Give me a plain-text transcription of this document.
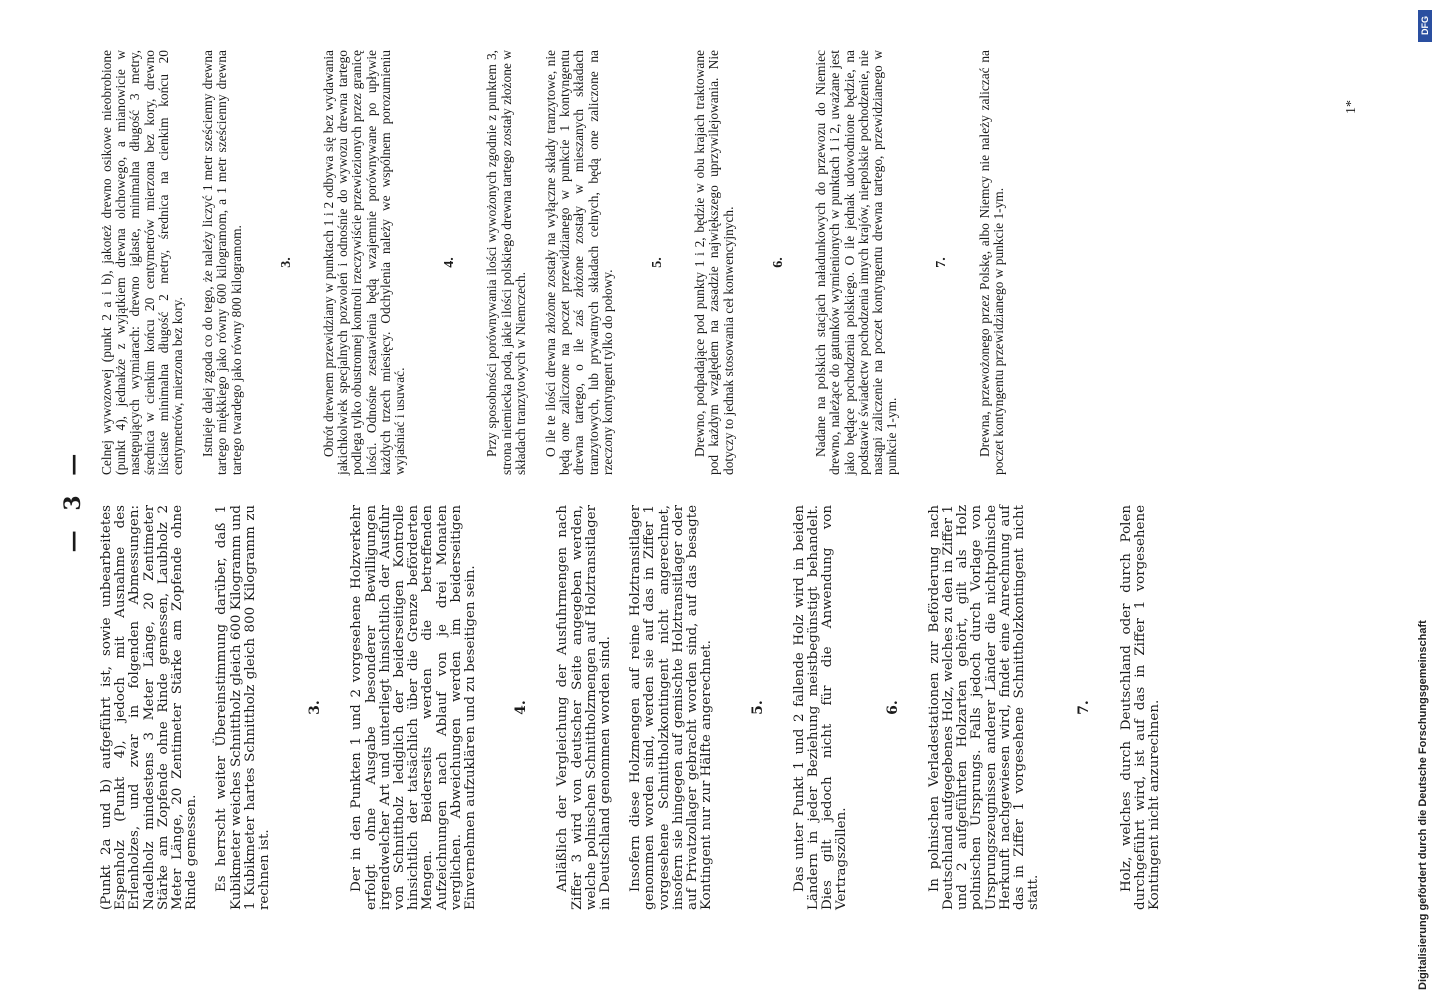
— 3 —

(Punkt 2a und b) aufgeführt ist, sowie unbearbeitetes Espenholz (Punkt 4), jedoch mit Ausnahme des Erlenholzes, und zwar in folgenden Abmessungen: Nadelholz mindestens 3 Meter Länge, 20 Zentimeter Stärke am Zopfende ohne Rinde gemessen, Laubholz 2 Meter Länge, 20 Zentimeter Stärke am Zopfende ohne Rinde gemessen. Es herrscht weiter Übereinstimmung darüber, daß 1 Kubikmeter weiches Schnittholz gleich 600 Kilogramm und 1 Kubikmeter hartes Schnittholz gleich 800 Kilogramm zu rechnen ist.

3. Der in den Punkten 1 und 2 vorgesehene Holzverkehr erfolgt ohne Ausgabe besonderer Bewilligungen irgendwelcher Art und unterliegt hinsichtlich der Ausfuhr von Schnittholz lediglich der beiderseitigen Kontrolle hinsichtlich der tatsächlich über die Grenze beförderten Mengen. Beiderseits werden die betreffenden Aufzeichnungen nach Ablauf von je drei Monaten verglichen. Abweichungen werden im beiderseitigen Einvernehmen aufzuklären und zu beseitigen sein.	4. Anläßlich der Vergleichung der Ausfuhrmengen nach Ziffer 3 wird von deutscher Seite angegeben werden, welche polnischen Schnittholzmengen auf Holztransitlager in Deutschland genommen worden sind. Insofern diese Holzmengen auf reine Holztransitlager genommen worden sind, werden sie auf das in Ziffer 1 vorgesehene Schnittholzkontingent nicht angerechnet, insofern sie hingegen auf gemischte Holztransitlager oder auf Privatzollager gebracht worden sind, auf das besagte Kontingent nur zur Hälfte angerechnet.	5. Das unter Punkt 1 und 2 fallende Holz wird in beiden Ländern in jeder Beziehung meistbegünstigt behandelt. Dies gilt jedoch nicht für die Anwendung von Vertragszöllen.

6. In polnischen Verladestationen zur Beförderung nach Deutschland aufgegebenes Holz, welches zu den in Ziffer 1 und 2 aufgeführten Holzarten gehört, gilt als Holz polnischen Ursprungs. Falls jedoch durch Vorlage von Ursprungszeugnissen anderer Länder die nichtpolnische Herkunft nachgewiesen wird, findet eine Anrechnung auf das in Ziffer 1 vorgesehene Schnittholzkontingent nicht statt.

7. Holz, welches durch Deutschland oder durch Polen durchgeführt wird, ist auf das in Ziffer 1 vorgesehene Kontingent nicht anzurechnen.

Celnej wywozowej (punkt 2 a i b), jakoteż drewno osikowe nieobrobione (punkt 4), jednakże z wyjątkiem drewna olchowego, a mianowicie w następujących wymiarach: drewno iglaste, minimalna długość 3 metry, średnica w cienkim końcu 20 centymetrów mierzona bez kory, drewno liściaste minimalna długość 2 metry, średnica na cienkim końcu 20 centymetrów, mierzona bez kory. Istnieje dalej zgoda co do tego, że należy liczyć 1 metr sześcienny drewna tartego miękkiego jako równy 600 kilogramom, a 1 metr sześcienny drewna tartego twardego jako równy 800 kilogramom.	3. Obrót drewnem przewidziany w punktach 1 i 2 odbywa się bez wydawania jakichkolwiek specjalnych pozwoleń i odnośnie do wywozu drewna tartego podlega tylko obustronnej kontroli rzeczywiście przewiezionych przez granicę ilości. Odnośne zestawienia będą wzajemnie porównywane po upływie każdych trzech miesięcy. Odchylenia należy we wspólnem porozumieniu wyjaśniać i usuwać.

4. Przy sposobności porównywania ilości wywożonych zgodnie z punktem 3, strona niemiecka poda, jakie ilości polskiego drewna tartego zostały złożone w składach tranzytowych w Niemczech. O ile te ilości drewna złożone zostały na wyłączne składy tranzytowe, nie będą one zaliczone na poczet przewidzianego w punkcie 1 kontyngentu drewna tartego, o ile zaś złożone zostały w mieszanych składach tranzytowych, lub prywatnych składach celnych, będą one zaliczone na rzeczony kontyngent tylko do połowy.

5. Drewno, podpadające pod punkty 1 i 2, będzie w obu krajach traktowane pod każdym względem na zasadzie największego uprzywilejowania. Nie dotyczy to jednak stosowania ceł konwencyjnych.	6. Nadane na polskich stacjach naładunkowych do przewozu do Niemiec drewno, należące do gatunków wymienionych w punktach 1 i 2, uważane jest jako będące pochodzenia polskiego. O ile jednak udowodnione będzie, na podstawie świadectw pochodzenia innych krajów, niepolskie pochodzenie, nie nastąpi zaliczenie na poczet kontyngentu drewna tartego, przewidzianego w punkcie 1-ym.

7. Drewna, przewożonego przez Polskę, albo Niemcy nie należy zaliczać na poczet kontyngentu przewidzianego w punkcie 1-ym.

1*
Digitalisierung gefördert durch die Deutsche Forschungsgemeinschaft
DFG
